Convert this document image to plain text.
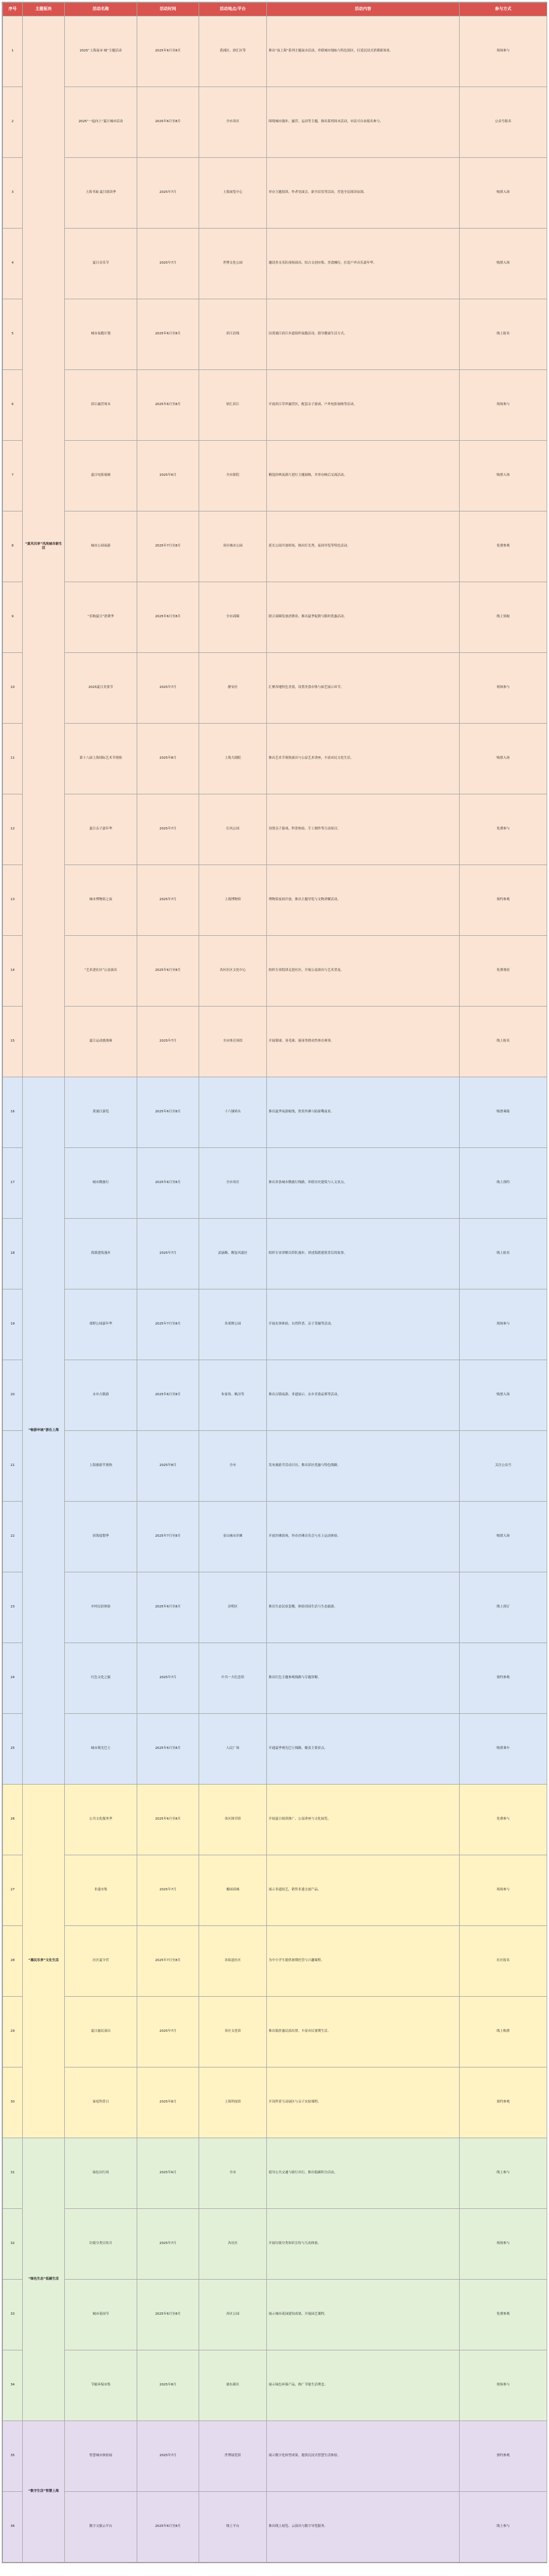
序号	主题板块	活动名称	活动时间	活动地点/平台	活动内容	参与方式
1	“夏风共享”风尚城市新生活	2025“上海夜市·城”主题活动	2025年6月至8月	黄浦区、徐汇区等	推出“夜上海”系列主题夜市活动，串联城市地标与特色街区，打造沉浸式消费新场景。	现场参与
2		2025“一起向上”夏日城市活动	2025年6月至8月	全市各区	围绕城市漫步、露营、运动等主题，推出系列周末活动，市民可自由报名参与。	公众号报名
3		上海书展·夏日阅读季	2025年7月	上海展览中心	举办主题阅读、作者见面会、新书首发等活动，营造全民阅读氛围。	购票入场
4		夏日音乐节	2025年7月	世博文化公园	邀请多支乐队现场演出，结合文创市集、美食摊位，打造户外音乐嘉年华。	购票入场
5		城市夜跑计划	2025年6月至8月	滨江沿线	沿黄浦江滨江步道组织夜跑活动，倡导健康生活方式。	线上报名
6		滨江露营周末	2025年6月至8月	徐汇滨江	开放滨江草坪露营区，配套亲子游戏、户外电影放映等活动。	现场参与
7		夏日电影展映	2025年6月	全市影院	精选经典及新片进行主题展映，并举办映后交流活动。	购票入场
8		城市公园夜游	2025年7月至8月	各区城市公园	延长公园开放时间，推出灯光秀、夜间导览等特色活动。	免费参观
9		“乐购夏日”消费季	2025年6月至8月	全市商圈	联合商圈发放消费券，推出夏季促销与限时优惠活动。	线上领取
10		2025夏日美食节	2025年7月	静安区	汇聚各地特色美食，设置美食市集与厨艺展示环节。	现场参与
11		第十八届上海国际艺术节预热	2025年8月	上海大剧院	推出艺术节预热演出与公益艺术讲座，丰富市民文化生活。	购票入场
12		夏日亲子嘉年华	2025年7月	长风公园	设置亲子游戏、科普体验、手工制作等互动项目。	免费参与
13		城市博物馆之夜	2025年7月	上海博物馆	博物馆夜间开放，推出主题导览与文物讲解活动。	预约参观
14		“艺术进社区”公益演出	2025年6月至8月	各区社区文化中心	组织专业院团走进社区，开展公益演出与艺术普及。	免费观看
15		夏日运动挑战赛	2025年7月	全市体育场馆	开展篮球、羽毛球、游泳等群众性体育赛事。	线上报名
16	“畅游申城”游在上海	黄浦江游览	2025年6月至8月	十六铺码头	推出夏季夜游航线，欣赏外滩与陆家嘴夜景。	购票乘船
17		城市微旅行	2025年6月至8月	全市各区	推出多条城市微旅行线路，串联历史建筑与人文景点。	线上预约
18		海派建筑漫步	2025年7月	武康路、衡复风貌区	组织专业讲解员带队漫步，讲述海派建筑背后的故事。	线上报名
19		郊野公园嘉年华	2025年7月至8月	各郊野公园	开展农事体验、自然科普、亲子采摘等活动。	现场参与
20		水乡古镇游	2025年6月至8月	朱家角、枫泾等	推出古镇夜游、非遗展示、水乡美食品鉴等活动。	购票入场
21		上海旅游节预热	2025年8月	全市	发布旅游节活动日历，推出景区优惠与特色线路。	关注公众号
22		滨海度假季	2025年7月至8月	金山城市沙滩	开放沙滩浴场，举办沙滩音乐会与水上运动体验。	购票入场
23		乡村民宿体验	2025年6月至8月	崇明区	推出生态民宿套餐，体验田园生活与生态旅游。	线上预订
24		红色文化之旅	2025年7月	中共一大纪念馆	推出红色主题参观线路与专题讲解。	预约参观
25		城市观光巴士	2025年6月至8月	人民广场	开通夏季观光巴士线路，覆盖主要景点。	购票乘车
26	“惠民乐享”文化生活	公共文化服务季	2025年6月至8月	各区图书馆	开展夏日阅读推广、公益讲座与文化展览。	免费参与
27		非遗市集	2025年7月	豫园商城	展示非遗技艺，销售非遗文创产品。	现场参与
28		社区夏令营	2025年7月至8月	各街道社区	为中小学生提供暑期托管与兴趣课程。	社区报名
29		夏日惠民演出	2025年7月	各区文化馆	推出低价惠民演出票，丰富市民暑期生活。	线上购票
30		家庭科普日	2025年8月	上海科技馆	开设科普互动展区与亲子实验课程。	预约参观
31	“绿色生态”低碳生活	绿色出行周	2025年6月	全市	倡导公共交通与骑行出行，推出低碳积分活动。	线上参与
32		垃圾分类宣传月	2025年7月	各社区	开展垃圾分类知识宣传与互动体验。	现场参与
33		城市花园节	2025年6月至8月	各区公园	展示城市花园建设成果，开展园艺课程。	免费参观
34		节能环保市集	2025年8月	浦东新区	展示绿色环保产品，推广节能生活理念。	现场参与
35	“数字生活”智慧上海	智慧城市体验展	2025年7月	世博展览馆	展示数字化转型成果，提供沉浸式智慧生活体验。	预约参观
36		数字文旅云平台	2025年6月至8月	线上平台	推出线上展览、云演出与数字导览服务。	线上参与
